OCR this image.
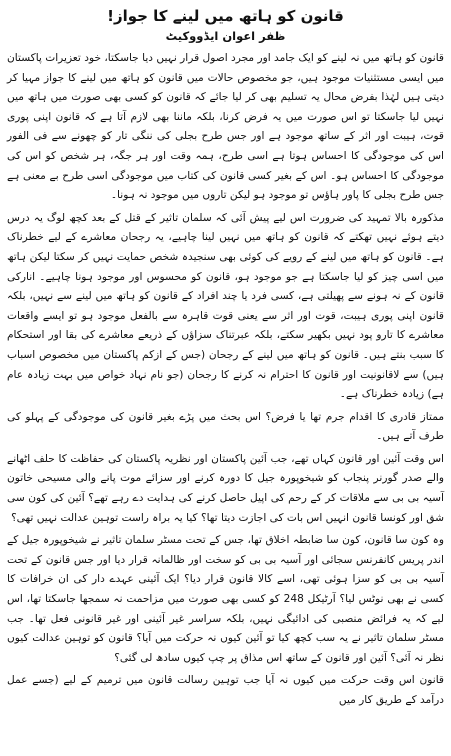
قانون کو ہاتھ میں لینے کا جواز!
ظفر اعوان ایڈووکیٹ

قانون کو ہاتھ میں نہ لینے کو ایک جامد اور مجرد اصول قرار نہیں دیا جاسکتا، خود تعزیرات پاکستان میں ایسی مستثنیات موجود ہیں، جو مخصوص حالات میں قانون کو ہاتھ میں لینے کا جواز مہیا کر دیتی ہیں لہٰذا بفرض محال یہ تسلیم بھی کر لیا جائے کہ قانون کو کسی بھی صورت میں ہاتھ میں نہیں لیا جاسکتا تو اس صورت میں یہ فرض کرنا، بلکہ ماننا بھی لازم آتا ہے کہ قانون اپنی پوری قوت، ہیبت اور اثر کے ساتھ موجود ہے اور جس طرح بجلی کی ننگی تار کو چھونے سے فی الفور اس کی موجودگی کا احساس ہوتا ہے اسی طرح، ہمہ وقت اور ہر جگہ، ہر شخص کو اس کی موجودگی کا احساس ہو۔ اس کے بغیر کسی قانون کی کتاب میں موجودگی اسی طرح بے معنی ہے جس طرح بجلی کا پاور ہاؤس تو موجود ہو لیکن تاروں میں موجود نہ ہونا۔

مذکورہ بالا تمہید کی ضرورت اس لیے پیش آئی کہ سلمان تاثیر کے قتل کے بعد کچھ لوگ یہ درس دیتے ہوئے نہیں تھکتے کہ قانون کو ہاتھ میں نہیں لینا چاہیے، یہ رجحان معاشرے کے لیے خطرناک ہے۔ قانون کو ہاتھ میں لینے کے رویے کی کوئی بھی سنجیدہ شخص حمایت نہیں کر سکتا لیکن ہاتھ میں اسی چیز کو لیا جاسکتا ہے جو موجود ہو، قانون کو محسوس اور موجود ہونا چاہیے۔ انارکی قانون کے نہ ہونے سے پھیلتی ہے، کسی فرد یا چند افراد کے قانون کو ہاتھ میں لینے سے نہیں، بلکہ قانون اپنی پوری ہیبت، قوت اور اثر سے یعنی قوت قاہرہ سے بالفعل موجود ہو تو ایسے واقعات معاشرے کا تارو پود نہیں بکھیر سکتے، بلکہ عبرتناک سزاؤں کے ذریعے معاشرے کی بقا اور استحکام کا سبب بنتے ہیں۔ قانون کو ہاتھ میں لینے کے رجحان (جس کے ازکم پاکستان میں مخصوص اسباب ہیں) سے لاقانونیت اور قانون کا احترام نہ کرنے کا رجحان (جو نام نہاد خواص میں بہت زیادہ عام ہے) زیادہ خطرناک ہے۔

ممتاز قادری کا اقدام جرم تھا یا فرض؟ اس بحث میں پڑے بغیر قانون کی موجودگی کے پہلو کی طرف آتے ہیں۔

اس وقت آئین اور قانون کہاں تھے، جب آئین پاکستان اور نظریہ پاکستان کی حفاظت کا حلف اٹھانے والے صدر گورنر پنجاب کو شیخوپورہ جیل کا دورہ کرنے اور سزائے موت پانے والی مسیحی خاتون آسیہ بی بی سے ملاقات کر کے رحم کی اپیل حاصل کرنے کی ہدایت دے رہے تھے؟ آئین کی کون سی شق اور کونسا قانون انہیں اس بات کی اجازت دیتا تھا؟ کیا یہ براہ راست توہین عدالت نہیں تھی؟

وہ کون سا قانون، کون سا ضابطہ اخلاق تھا، جس کے تحت مسٹر سلمان تاثیر نے شیخوپورہ جیل کے اندر پریس کانفرنس سجائی اور آسیہ بی بی کو سخت اور ظالمانہ قرار دیا اور جس قانون کے تحت آسیہ بی بی کو سزا ہوئی تھی، اسے کالا قانون قرار دیا؟ ایک آئینی عہدے دار کی ان خرافات کا کسی نے بھی نوٹس لیا؟ آرٹیکل 248 کو کسی بھی صورت میں مزاحمت نہ سمجھا جاسکتا تھا، اس لیے کہ یہ فرائض منصبی کی ادائیگی نہیں، بلکہ سراسر غیر آئینی اور غیر قانونی فعل تھا۔ جب مسٹر سلمان تاثیر نے یہ سب کچھ کیا تو آئین کیوں نہ حرکت میں آیا؟ قانون کو توہین عدالت کیوں نظر نہ آئی؟ آئین اور قانون کے ساتھ اس مذاق پر چپ کیوں سادھ لی گئی؟

قانون اس وقت حرکت میں کیوں نہ آیا جب توہین رسالت قانون میں ترمیم کے لیے (جسے عمل درآمد کے طریق کار میں
